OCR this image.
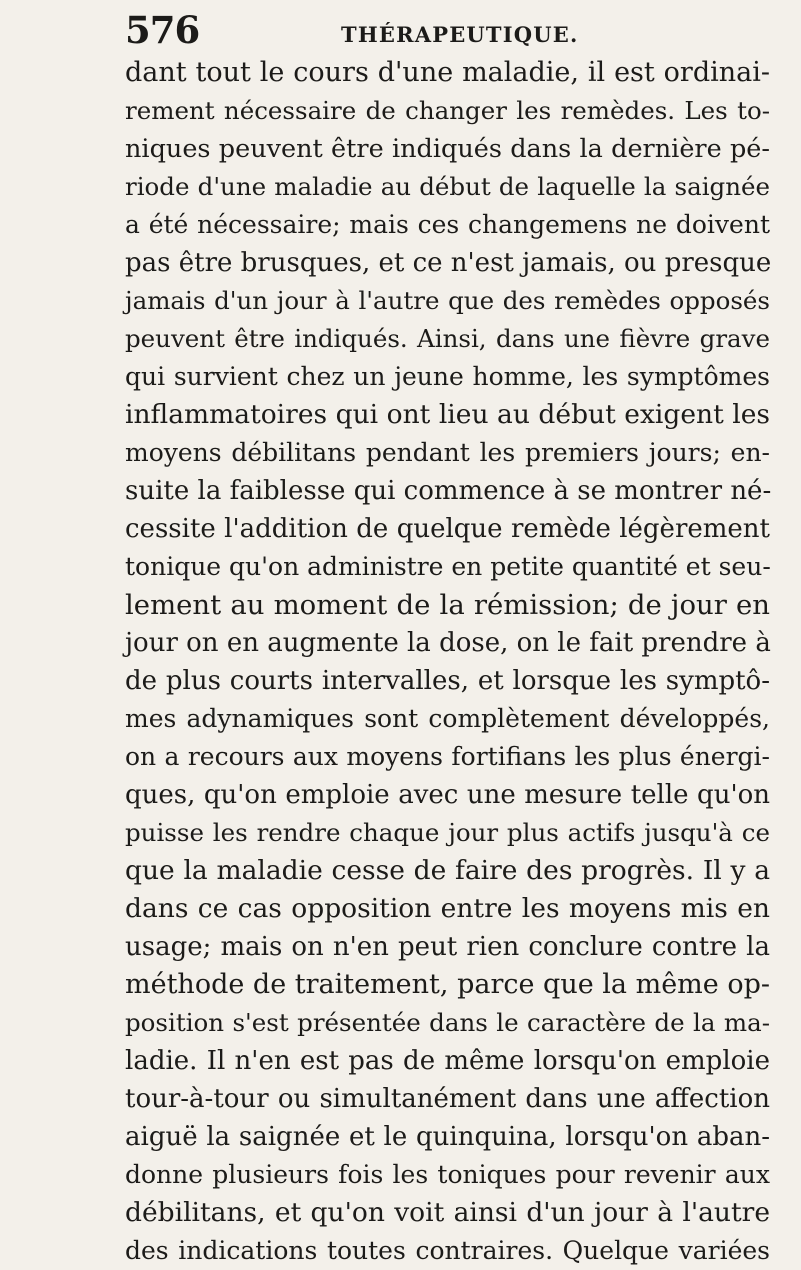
576	THÉRAPEUTIQUE.
dant tout le cours d'une maladie, il est ordinai-
rement nécessaire de changer les remèdes. Les to-
niques peuvent être indiqués dans la dernière pé-
riode d'une maladie au début de laquelle la saignée
a été nécessaire; mais ces changemens ne doivent
pas être brusques, et ce n'est jamais, ou presque
jamais d'un jour à l'autre que des remèdes opposés
peuvent être indiqués. Ainsi, dans une fièvre grave
qui survient chez un jeune homme, les symptômes
inflammatoires qui ont lieu au début exigent les
moyens débilitans pendant les premiers jours; en-
suite la faiblesse qui commence à se montrer né-
cessite l'addition de quelque remède légèrement
tonique qu'on administre en petite quantité et seu-
lement au moment de la rémission; de jour en
jour on en augmente la dose, on le fait prendre à
de plus courts intervalles, et lorsque les symptô-
mes adynamiques sont complètement développés,
on a recours aux moyens fortifians les plus énergi-
ques, qu'on emploie avec une mesure telle qu'on
puisse les rendre chaque jour plus actifs jusqu'à ce
que la maladie cesse de faire des progrès. Il y a
dans ce cas opposition entre les moyens mis en
usage; mais on n'en peut rien conclure contre la
méthode de traitement, parce que la même op-
position s'est présentée dans le caractère de la ma-
ladie. Il n'en est pas de même lorsqu'on emploie
tour-à-tour ou simultanément dans une affection
aiguë la saignée et le quinquina, lorsqu'on aban-
donne plusieurs fois les toniques pour revenir aux
débilitans, et qu'on voit ainsi d'un jour à l'autre
des indications toutes contraires. Quelque variées
